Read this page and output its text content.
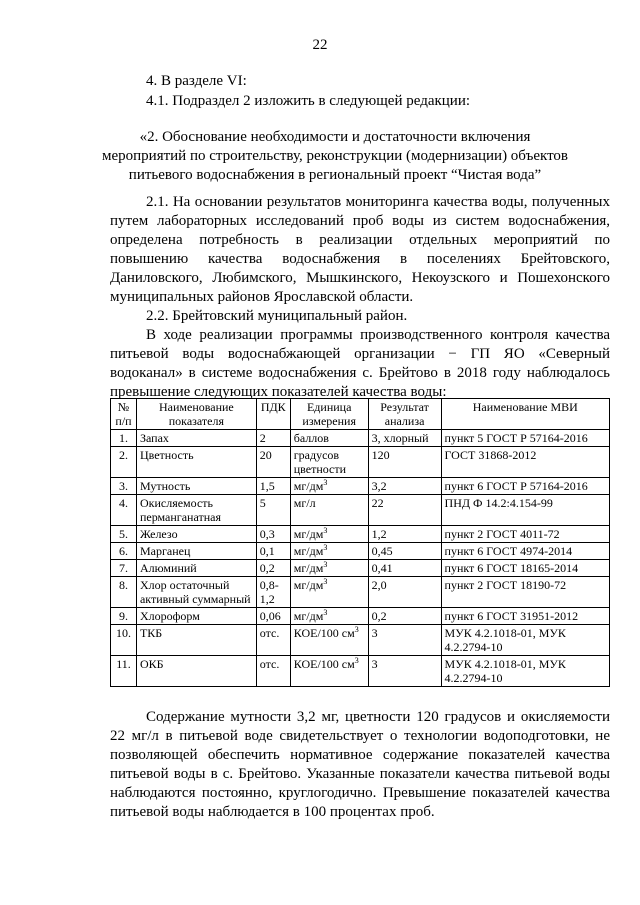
22
4. В разделе VI:
4.1. Подраздел 2 изложить в следующей редакции:
«2. Обоснование необходимости и достаточности включения мероприятий по строительству, реконструкции (модернизации) объектов питьевого водоснабжения в региональный проект “Чистая вода”

2.1. На основании результатов мониторинга качества воды, полученных путем лабораторных исследований проб воды из систем водоснабжения, определена потребность в реализации отдельных мероприятий по повышению качества водоснабжения в поселениях Брейтовского, Даниловского, Любимского, Мышкинского, Некоузского и Пошехонского муниципальных районов Ярославской области.

2.2. Брейтовский муниципальный район.

В ходе реализации программы производственного контроля качества питьевой воды водоснабжающей организации − ГП ЯО «Северный водоканал» в системе водоснабжения с. Брейтово в 2018 году наблюдалось превышение следующих показателей качества воды:

№ п/п	Наименование показателя	ПДК	Единица измерения	Результат анализа	Наименование МВИ
1.	Запах	2	баллов	3, хлорный	пункт 5 ГОСТ Р 57164-2016
2.	Цветность	20	градусов цветности	120	ГОСТ 31868-2012
3.	Мутность	1,5	$мг/дм^3$	3,2	пункт 6 ГОСТ Р 57164-2016
4.	Окисляемость перманганатная	5	мг/л	22	ПНД Ф 14.2:4.154-99
5.	Железо	0,3	$мг/дм^3$	1,2	пункт 2 ГОСТ 4011-72
6.	Марганец	0,1	$мг/дм^3$	0,45	пункт 6 ГОСТ 4974-2014
7.	Алюминий	0,2	$мг/дм^3$	0,41	пункт 6 ГОСТ 18165-2014
8.	Хлор остаточный активный суммарный	0,8-1,2	$мг/дм^3$	2,0	пункт 2 ГОСТ 18190-72
9.	Хлороформ	0,06	$мг/дм^3$	0,2	пункт 6 ГОСТ 31951-2012
10.	ТКБ	отс.	КОЕ/100 $см^3$	3	МУК 4.2.1018-01, МУК 4.2.2794-10
11.	ОКБ	отс.	КОЕ/100 $см^3$	3	МУК 4.2.1018-01, МУК 4.2.2794-10

Содержание мутности 3,2 мг, цветности 120 градусов и окисляемости 22 мг/л в питьевой воде свидетельствует о технологии водоподготовки, не позволяющей обеспечить нормативное содержание показателей качества питьевой воды в с. Брейтово. Указанные показатели качества питьевой воды наблюдаются постоянно, круглогодично. Превышение показателей качества питьевой воды наблюдается в 100 процентах проб.
